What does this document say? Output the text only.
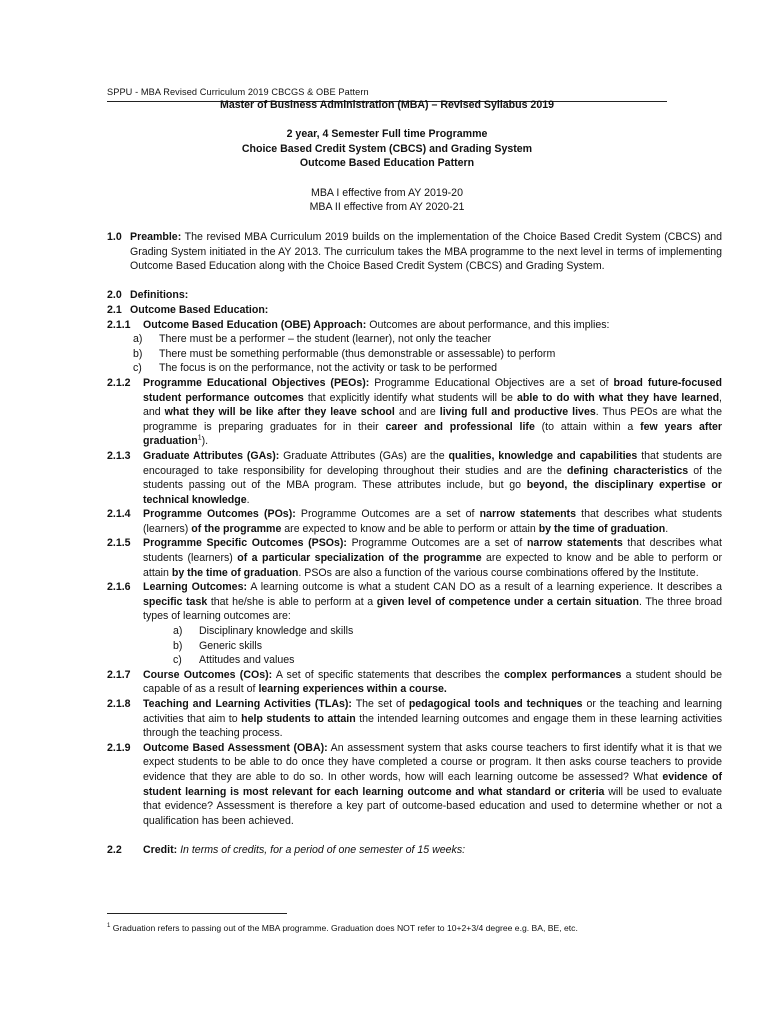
SPPU - MBA Revised Curriculum 2019 CBCGS & OBE Pattern
Master of Business Administration (MBA) – Revised Syllabus 2019
2 year, 4 Semester Full time Programme
Choice Based Credit System (CBCS) and Grading System
Outcome Based Education Pattern
MBA I effective from AY 2019-20
MBA II effective from AY 2020-21
1.0 Preamble: The revised MBA Curriculum 2019 builds on the implementation of the Choice Based Credit System (CBCS) and Grading System initiated in the AY 2013. The curriculum takes the MBA programme to the next level in terms of implementing Outcome Based Education along with the Choice Based Credit System (CBCS) and Grading System.
2.0 Definitions:
2.1 Outcome Based Education:
2.1.1	Outcome Based Education (OBE) Approach: Outcomes are about performance, and this implies:
a)	There must be a performer – the student (learner), not only the teacher
b)	There must be something performable (thus demonstrable or assessable) to perform
c)	The focus is on the performance, not the activity or task to be performed
2.1.2	Programme Educational Objectives (PEOs): Programme Educational Objectives are a set of broad future-focused student performance outcomes that explicitly identify what students will be able to do with what they have learned, and what they will be like after they leave school and are living full and productive lives. Thus PEOs are what the programme is preparing graduates for in their career and professional life (to attain within a few years after graduation$^1$).
2.1.3	Graduate Attributes (GAs): Graduate Attributes (GAs) are the qualities, knowledge and capabilities that students are encouraged to take responsibility for developing throughout their studies and are the defining characteristics of the students passing out of the MBA program. These attributes include, but go beyond, the disciplinary expertise or technical knowledge.
2.1.4	Programme Outcomes (POs): Programme Outcomes are a set of narrow statements that describes what students (learners) of the programme are expected to know and be able to perform or attain by the time of graduation.
2.1.5	Programme Specific Outcomes (PSOs): Programme Outcomes are a set of narrow statements that describes what students (learners) of a particular specialization of the programme are expected to know and be able to perform or attain by the time of graduation. PSOs are also a function of the various course combinations offered by the Institute.
2.1.6	Learning Outcomes: A learning outcome is what a student CAN DO as a result of a learning experience. It describes a specific task that he/she is able to perform at a given level of competence under a certain situation. The three broad types of learning outcomes are:
a)	Disciplinary knowledge and skills
b)	Generic skills
c)	Attitudes and values
2.1.7	Course Outcomes (COs): A set of specific statements that describes the complex performances a student should be capable of as a result of learning experiences within a course.
2.1.8	Teaching and Learning Activities (TLAs): The set of pedagogical tools and techniques or the teaching and learning activities that aim to help students to attain the intended learning outcomes and engage them in these learning activities through the teaching process.
2.1.9	Outcome Based Assessment (OBA): An assessment system that asks course teachers to first identify what it is that we expect students to be able to do once they have completed a course or program. It then asks course teachers to provide evidence that they are able to do so. In other words, how will each learning outcome be assessed? What evidence of student learning is most relevant for each learning outcome and what standard or criteria will be used to evaluate that evidence? Assessment is therefore a key part of outcome-based education and used to determine whether or not a qualification has been achieved.
2.2	Credit: In terms of credits, for a period of one semester of 15 weeks:
$^1$ Graduation refers to passing out of the MBA programme. Graduation does NOT refer to 10+2+3/4 degree e.g. BA, BE, etc.
